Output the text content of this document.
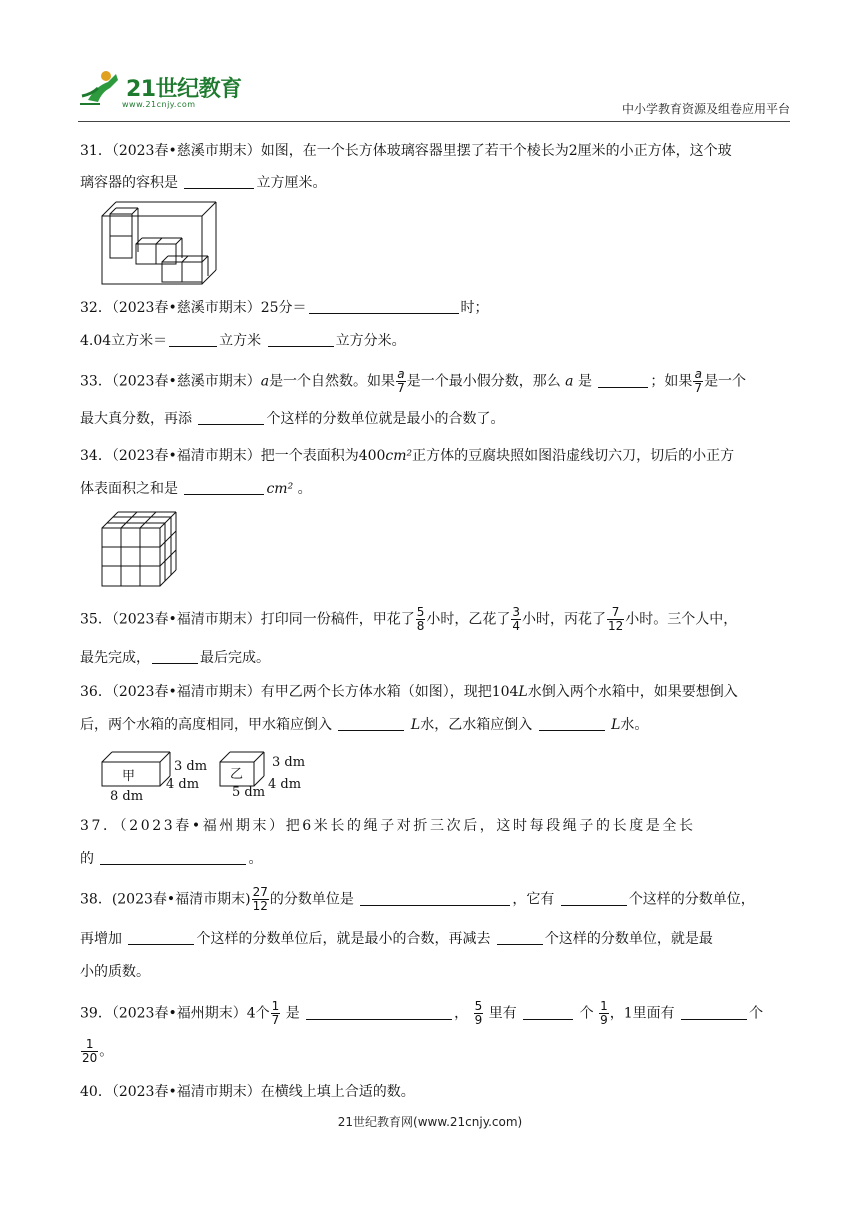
21世纪教育
www.21cnjy.com	中小学教育资源及组卷应用平台
31．（2023春•慈溪市期末）如图，在一个长方体玻璃容器里摆了若干个棱长为2厘米的小正方体，这个玻
璃容器的容积是	立方厘米。
32．（2023春•慈溪市期末）25分＝	时；
4.04立方米＝	立方米	立方分米。
33．（2023春•慈溪市期末）a是一个自然数。如果 $\frac{a}{7}$ 是一个最小假分数，那么 a 是	；如果 $\frac{a}{7}$ 是一个
最大真分数，再添	个这样的分数单位就是最小的合数了。
34．（2023春•福清市期末）把一个表面积为400cm²正方体的豆腐块照如图沿虚线切六刀，切后的小正方
体表面积之和是	cm² 。
35．（2023春•福清市期末）打印同一份稿件，甲花了 $\frac{5}{8}$ 小时，乙花了 $\frac{3}{4}$ 小时，丙花了 $\frac{7}{12}$ 小时。三个人中，
最先完成，	最后完成。
36．（2023春•福清市期末）有甲乙两个长方体水箱（如图），现把104L水倒入两个水箱中，如果要想倒入
后，两个水箱的高度相同，甲水箱应倒入	L水，乙水箱应倒入	L水。
甲
3 dm
4 dm
8 dm
乙
3 dm
4 dm
5 dm
37．（2023春•福州期末）把6米长的绳子对折三次后，这时每段绳子的长度是全长
的	。
38．(2023春•福清市期末) $\frac{27}{12}$ 的分数单位是	，它有	个这样的分数单位，
再增加	个这样的分数单位后，就是最小的合数，再减去	个这样的分数单位，就是最
小的质数。
39．（2023春•福州期末）4个 $\frac{1}{7}$ 是	， $\frac{5}{9}$ 里有	个 $\frac{1}{9}$ ，1里面有	个
$\frac{1}{20}$ 。
40．（2023春•福清市期末）在横线上填上合适的数。
21世纪教育网(www.21cnjy.com)
